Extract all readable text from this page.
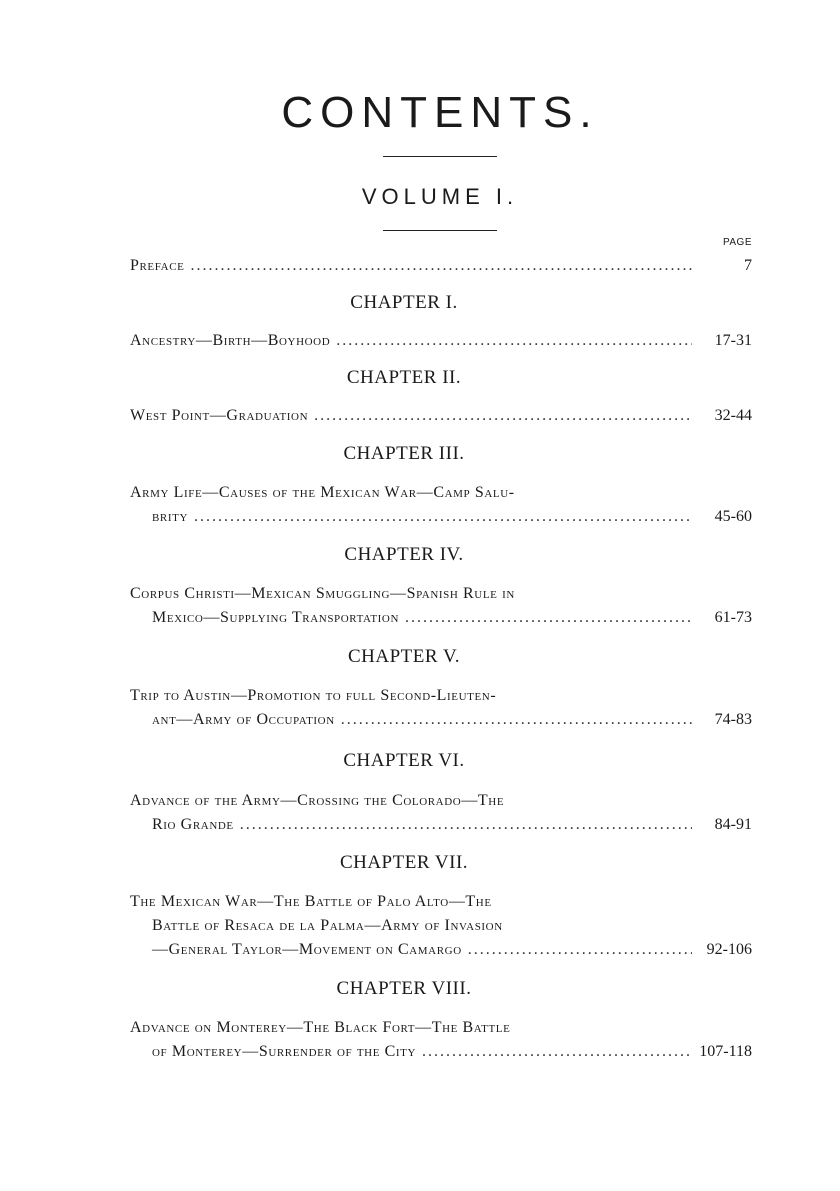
CONTENTS.
VOLUME I.
PAGE
Preface .....	7
CHAPTER I.
Ancestry—Birth—Boyhood .....	17-31
CHAPTER II.
West Point—Graduation .....	32-44
CHAPTER III.
Army Life—Causes of the Mexican War—Camp Salu-
brity .....	45-60
CHAPTER IV.
Corpus Christi—Mexican Smuggling—Spanish Rule in
Mexico—Supplying Transportation .....	61-73
CHAPTER V.
Trip to Austin—Promotion to full Second-Lieuten-
ant—Army of Occupation .....	74-83
CHAPTER VI.
Advance of the Army—Crossing the Colorado—The
Rio Grande .....	84-91
CHAPTER VII.
The Mexican War—The Battle of Palo Alto—The
Battle of Resaca de la Palma—Army of Invasion
—General Taylor—Movement on Camargo .....	92-106
CHAPTER VIII.
Advance on Monterey—The Black Fort—The Battle
of Monterey—Surrender of the City .....	107-118
